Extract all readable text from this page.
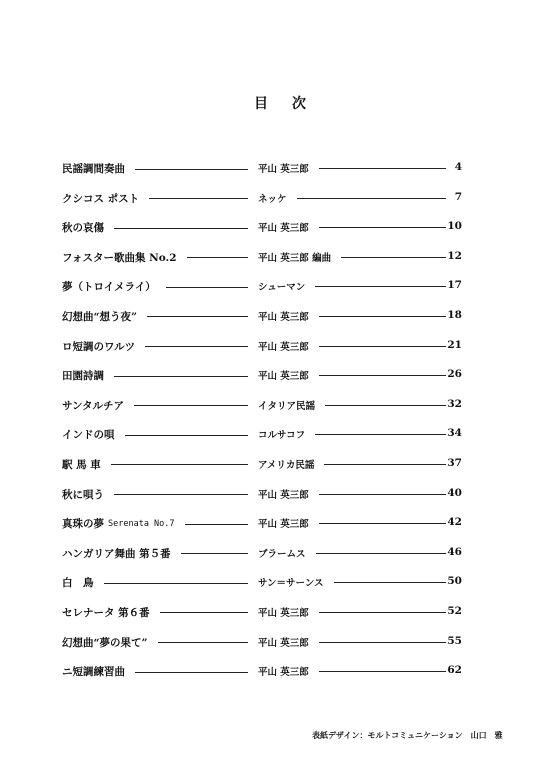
目次
民謡調間奏曲	平山 英三郎	4
クシコス ポスト	ネッケ	7
秋の哀傷	平山 英三郎	10
フォスター歌曲集 No.2	平山 英三郎 編曲	12
夢（トロイメライ）	シューマン	17
幻想曲“想う夜”	平山 英三郎	18
ロ短調のワルツ	平山 英三郎	21
田園詩調	平山 英三郎	26
サンタルチア	イタリア民謡	32
インドの唄	コルサコフ	34
駅 馬 車	アメリカ民謡	37
秋に唄う	平山 英三郎	40
真珠の夢 Serenata No.7	平山 英三郎	42
ハンガリア舞曲 第５番	ブラームス	46
白　鳥	サン＝サーンス	50
セレナータ 第６番	平山 英三郎	52
幻想曲“夢の果て”	平山 英三郎	55
ニ短調練習曲	平山 英三郎	62
表紙デザイン：モルトコミュニケーション　山口　雅
